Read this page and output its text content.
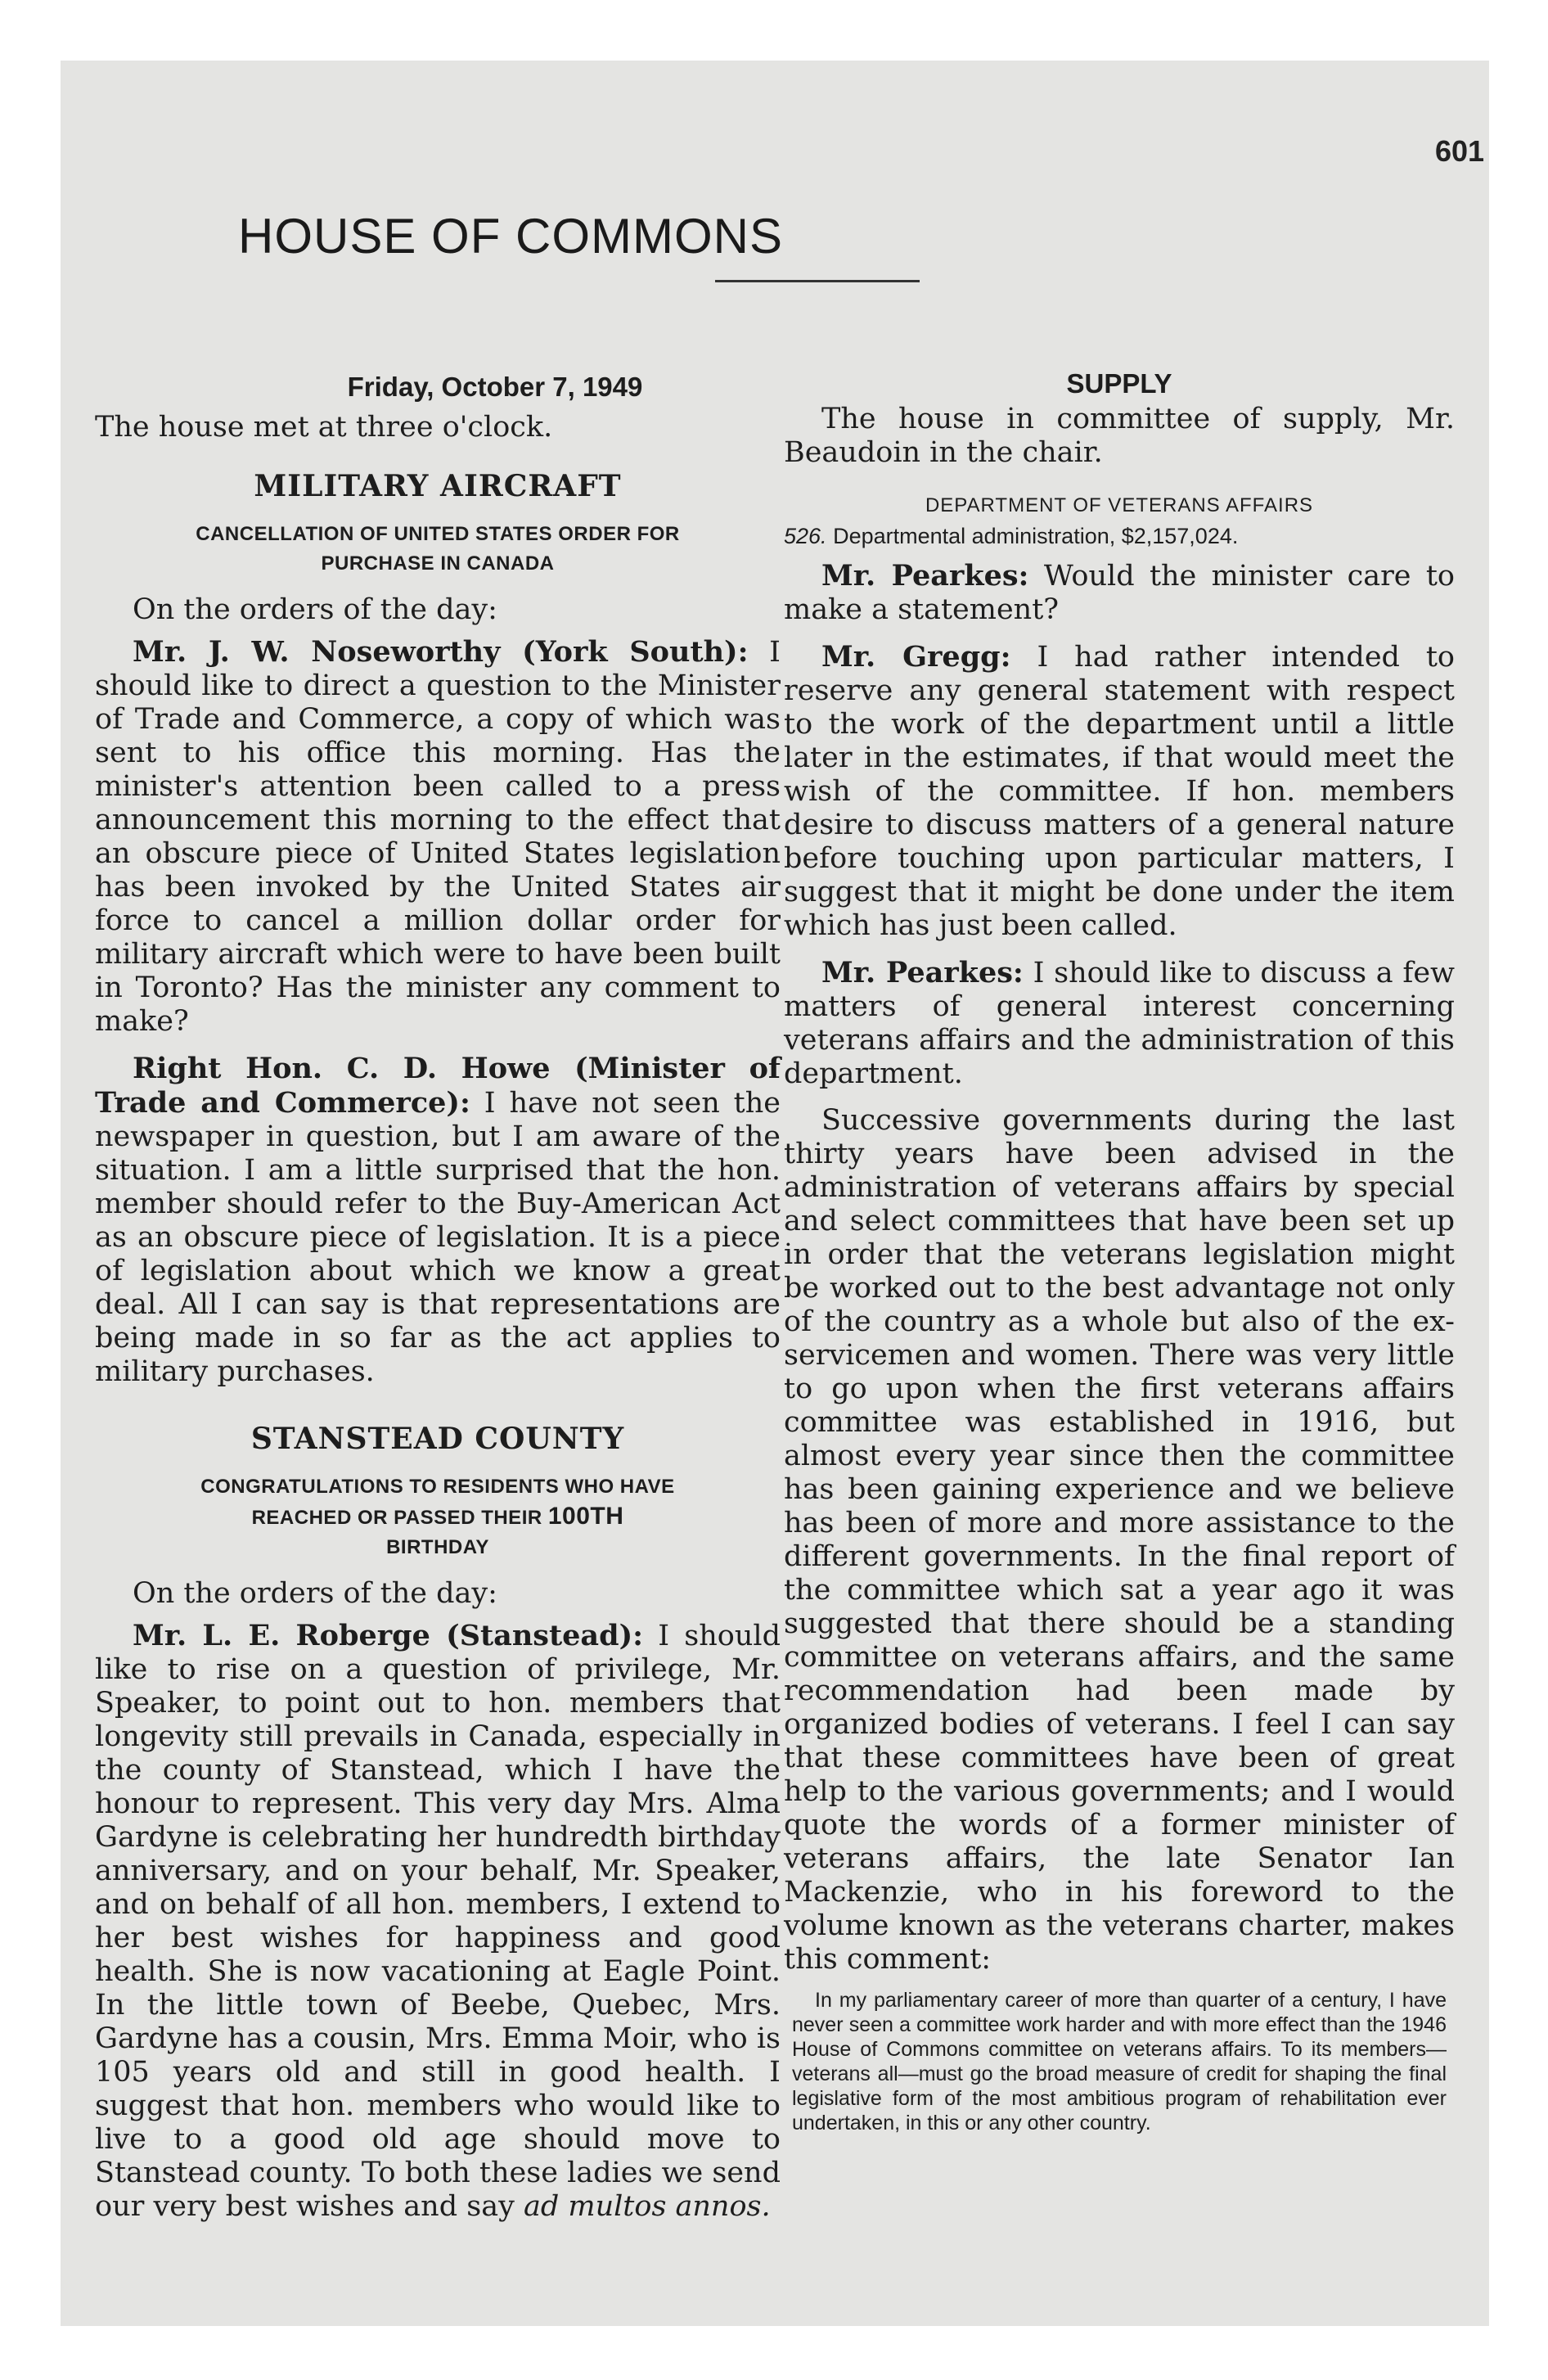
601
HOUSE OF COMMONS

Friday, October 7, 1949

The house met at three o'clock.

MILITARY AIRCRAFT
CANCELLATION OF UNITED STATES ORDER FOR PURCHASE IN CANADA

On the orders of the day:

Mr. J. W. Noseworthy (York South): I should like to direct a question to the Minister of Trade and Commerce, a copy of which was sent to his office this morning. Has the minister's attention been called to a press announcement this morning to the effect that an obscure piece of United States legislation has been invoked by the United States air force to cancel a million dollar order for military aircraft which were to have been built in Toronto? Has the minister any comment to make?

Right Hon. C. D. Howe (Minister of Trade and Commerce): I have not seen the newspaper in question, but I am aware of the situation. I am a little surprised that the hon. member should refer to the Buy-American Act as an obscure piece of legislation. It is a piece of legislation about which we know a great deal. All I can say is that representations are being made in so far as the act applies to military purchases.

STANSTEAD COUNTY
CONGRATULATIONS TO RESIDENTS WHO HAVE
REACHED OR PASSED THEIR 100TH
BIRTHDAY

On the orders of the day:

Mr. L. E. Roberge (Stanstead): I should like to rise on a question of privilege, Mr. Speaker, to point out to hon. members that longevity still prevails in Canada, especially in the county of Stanstead, which I have the honour to represent. This very day Mrs. Alma Gardyne is celebrating her hundredth birthday anniversary, and on your behalf, Mr. Speaker, and on behalf of all hon. members, I extend to her best wishes for happiness and good health. She is now vacationing at Eagle Point. In the little town of Beebe, Quebec, Mrs. Gardyne has a cousin, Mrs. Emma Moir, who is 105 years old and still in good health. I suggest that hon. members who would like to live to a good old age should move to Stanstead county. To both these ladies we send our very best wishes and say ad multos annos.

SUPPLY

The house in committee of supply, Mr. Beaudoin in the chair.

DEPARTMENT OF VETERANS AFFAIRS

526. Departmental administration, $2,157,024.

Mr. Pearkes: Would the minister care to make a statement?

Mr. Gregg: I had rather intended to reserve any general statement with respect to the work of the department until a little later in the estimates, if that would meet the wish of the committee. If hon. members desire to discuss matters of a general nature before touching upon particular matters, I suggest that it might be done under the item which has just been called.

Mr. Pearkes: I should like to discuss a few matters of general interest concerning veterans affairs and the administration of this department.

Successive governments during the last thirty years have been advised in the administration of veterans affairs by special and select committees that have been set up in order that the veterans legislation might be worked out to the best advantage not only of the country as a whole but also of the ex-servicemen and women. There was very little to go upon when the first veterans affairs committee was established in 1916, but almost every year since then the committee has been gaining experience and we believe has been of more and more assistance to the different governments. In the final report of the committee which sat a year ago it was suggested that there should be a standing committee on veterans affairs, and the same recommendation had been made by organized bodies of veterans. I feel I can say that these committees have been of great help to the various governments; and I would quote the words of a former minister of veterans affairs, the late Senator Ian Mackenzie, who in his foreword to the volume known as the veterans charter, makes this comment:

In my parliamentary career of more than quarter of a century, I have never seen a committee work harder and with more effect than the 1946 House of Commons committee on veterans affairs. To its members—veterans all—must go the broad measure of credit for shaping the final legislative form of the most ambitious program of rehabilitation ever undertaken, in this or any other country.
